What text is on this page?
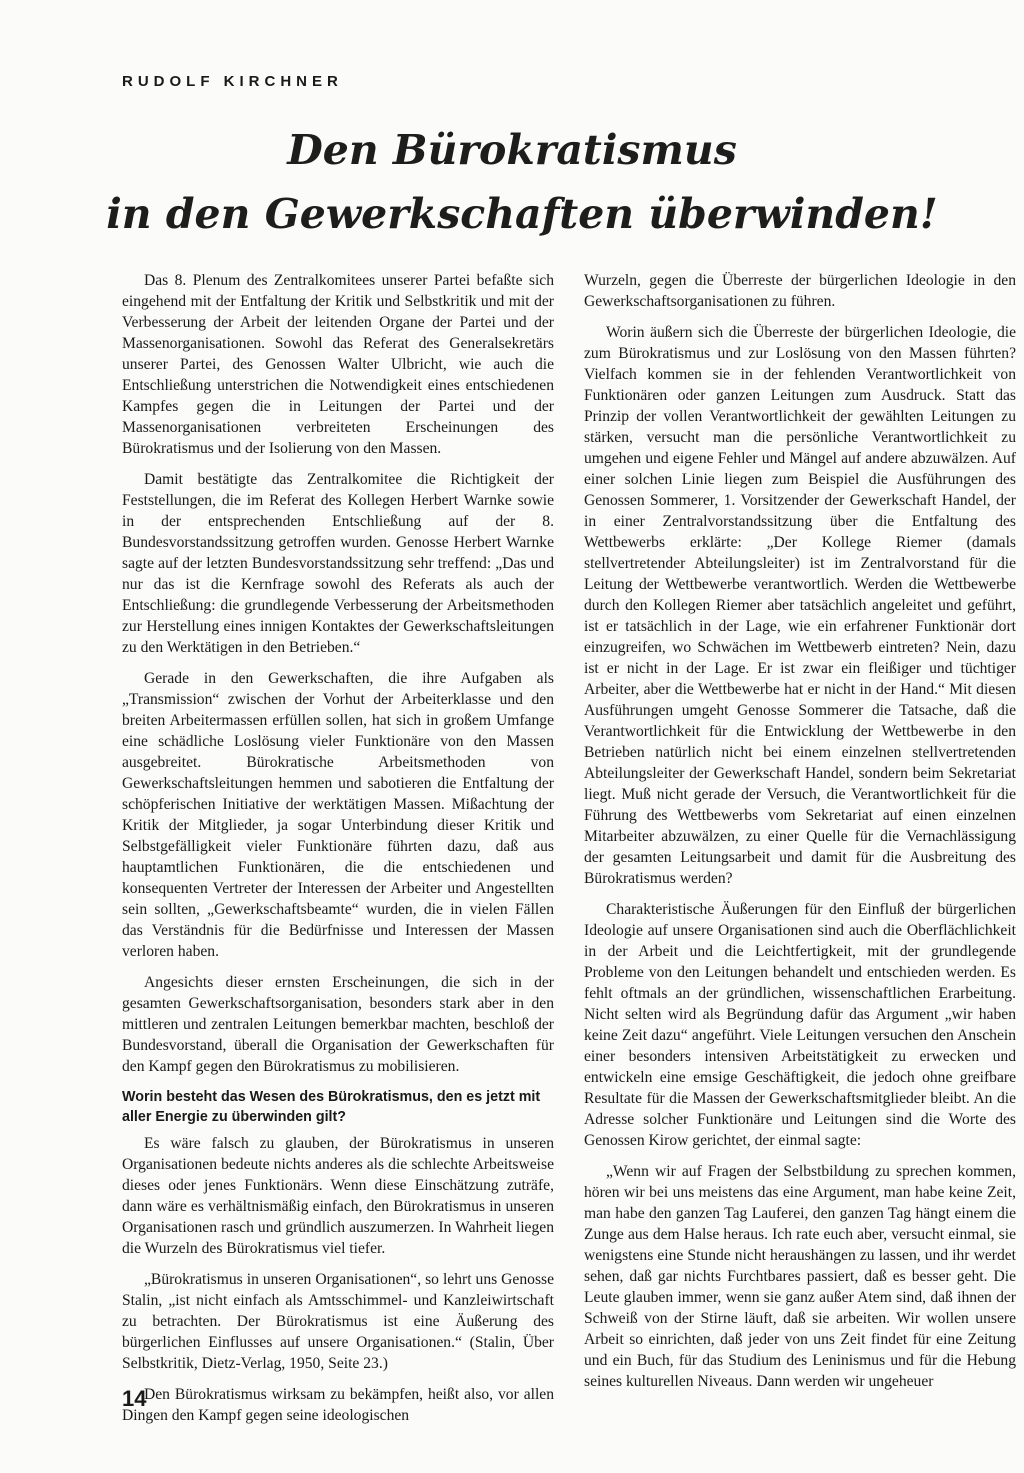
RUDOLF KIRCHNER
Den Bürokratismus
in den Gewerkschaften überwinden!

Das 8. Plenum des Zentralkomitees unserer Partei befaßte sich eingehend mit der Entfaltung der Kritik und Selbstkritik und mit der Verbesserung der Arbeit der leitenden Organe der Partei und der Massenorganisationen. Sowohl das Referat des Generalsekretärs unserer Partei, des Genossen Walter Ulbricht, wie auch die Entschließung unterstrichen die Notwendigkeit eines entschiedenen Kampfes gegen die in Leitungen der Partei und der Massenorganisationen verbreiteten Erscheinungen des Bürokratismus und der Isolierung von den Massen.

Damit bestätigte das Zentralkomitee die Richtigkeit der Feststellungen, die im Referat des Kollegen Herbert Warnke sowie in der entsprechenden Entschließung auf der 8. Bundesvorstandssitzung getroffen wurden. Genosse Herbert Warnke sagte auf der letzten Bundesvorstandssitzung sehr treffend: „Das und nur das ist die Kernfrage sowohl des Referats als auch der Entschließung: die grundlegende Verbesserung der Arbeitsmethoden zur Herstellung eines innigen Kontaktes der Gewerkschaftsleitungen zu den Werktätigen in den Betrieben.“

Gerade in den Gewerkschaften, die ihre Aufgaben als „Transmission“ zwischen der Vorhut der Arbeiterklasse und den breiten Arbeitermassen erfüllen sollen, hat sich in großem Umfange eine schädliche Loslösung vieler Funktionäre von den Massen ausgebreitet. Bürokratische Arbeitsmethoden von Gewerkschaftsleitungen hemmen und sabotieren die Entfaltung der schöpferischen Initiative der werktätigen Massen. Mißachtung der Kritik der Mitglieder, ja sogar Unterbindung dieser Kritik und Selbstgefälligkeit vieler Funktionäre führten dazu, daß aus hauptamtlichen Funktionären, die die entschiedenen und konsequenten Vertreter der Interessen der Arbeiter und Angestellten sein sollten, „Gewerkschaftsbeamte“ wurden, die in vielen Fällen das Verständnis für die Bedürfnisse und Interessen der Massen verloren haben.

Angesichts dieser ernsten Erscheinungen, die sich in der gesamten Gewerkschaftsorganisation, besonders stark aber in den mittleren und zentralen Leitungen bemerkbar machten, beschloß der Bundesvorstand, überall die Organisation der Gewerkschaften für den Kampf gegen den Bürokratismus zu mobilisieren.

Worin besteht das Wesen des Bürokratismus, den es jetzt mit aller Energie zu überwinden gilt?

Es wäre falsch zu glauben, der Bürokratismus in unseren Organisationen bedeute nichts anderes als die schlechte Arbeitsweise dieses oder jenes Funktionärs. Wenn diese Einschätzung zuträfe, dann wäre es verhältnismäßig einfach, den Bürokratismus in unseren Organisationen rasch und gründlich auszumerzen. In Wahrheit liegen die Wurzeln des Bürokratismus viel tiefer.

„Bürokratismus in unseren Organisationen“, so lehrt uns Genosse Stalin, „ist nicht einfach als Amtsschimmel- und Kanzleiwirtschaft zu betrachten. Der Bürokratismus ist eine Äußerung des bürgerlichen Einflusses auf unsere Organisationen.“ (Stalin, Über Selbstkritik, Dietz-Verlag, 1950, Seite 23.)

Den Bürokratismus wirksam zu bekämpfen, heißt also, vor allen Dingen den Kampf gegen seine ideologischen

Wurzeln, gegen die Überreste der bürgerlichen Ideologie in den Gewerkschaftsorganisationen zu führen.

Worin äußern sich die Überreste der bürgerlichen Ideologie, die zum Bürokratismus und zur Loslösung von den Massen führten? Vielfach kommen sie in der fehlenden Verantwortlichkeit von Funktionären oder ganzen Leitungen zum Ausdruck. Statt das Prinzip der vollen Verantwortlichkeit der gewählten Leitungen zu stärken, versucht man die persönliche Verantwortlichkeit zu umgehen und eigene Fehler und Mängel auf andere abzuwälzen. Auf einer solchen Linie liegen zum Beispiel die Ausführungen des Genossen Sommerer, 1. Vorsitzender der Gewerkschaft Handel, der in einer Zentralvorstandssitzung über die Entfaltung des Wettbewerbs erklärte: „Der Kollege Riemer (damals stellvertretender Abteilungsleiter) ist im Zentralvorstand für die Leitung der Wettbewerbe verantwortlich. Werden die Wettbewerbe durch den Kollegen Riemer aber tatsächlich angeleitet und geführt, ist er tatsächlich in der Lage, wie ein erfahrener Funktionär dort einzugreifen, wo Schwächen im Wettbewerb eintreten? Nein, dazu ist er nicht in der Lage. Er ist zwar ein fleißiger und tüchtiger Arbeiter, aber die Wettbewerbe hat er nicht in der Hand.“ Mit diesen Ausführungen umgeht Genosse Sommerer die Tatsache, daß die Verantwortlichkeit für die Entwicklung der Wettbewerbe in den Betrieben natürlich nicht bei einem einzelnen stellvertretenden Abteilungsleiter der Gewerkschaft Handel, sondern beim Sekretariat liegt. Muß nicht gerade der Versuch, die Verantwortlichkeit für die Führung des Wettbewerbs vom Sekretariat auf einen einzelnen Mitarbeiter abzuwälzen, zu einer Quelle für die Vernachlässigung der gesamten Leitungsarbeit und damit für die Ausbreitung des Bürokratismus werden?

Charakteristische Äußerungen für den Einfluß der bürgerlichen Ideologie auf unsere Organisationen sind auch die Oberflächlichkeit in der Arbeit und die Leichtfertigkeit, mit der grundlegende Probleme von den Leitungen behandelt und entschieden werden. Es fehlt oftmals an der gründlichen, wissenschaftlichen Erarbeitung. Nicht selten wird als Begründung dafür das Argument „wir haben keine Zeit dazu“ angeführt. Viele Leitungen versuchen den Anschein einer besonders intensiven Arbeitstätigkeit zu erwecken und entwickeln eine emsige Geschäftigkeit, die jedoch ohne greifbare Resultate für die Massen der Gewerkschaftsmitglieder bleibt. An die Adresse solcher Funktionäre und Leitungen sind die Worte des Genossen Kirow gerichtet, der einmal sagte:

„Wenn wir auf Fragen der Selbstbildung zu sprechen kommen, hören wir bei uns meistens das eine Argument, man habe keine Zeit, man habe den ganzen Tag Lauferei, den ganzen Tag hängt einem die Zunge aus dem Halse heraus. Ich rate euch aber, versucht einmal, sie wenigstens eine Stunde nicht heraushängen zu lassen, und ihr werdet sehen, daß gar nichts Furchtbares passiert, daß es besser geht. Die Leute glauben immer, wenn sie ganz außer Atem sind, daß ihnen der Schweiß von der Stirne läuft, daß sie arbeiten. Wir wollen unsere Arbeit so einrichten, daß jeder von uns Zeit findet für eine Zeitung und ein Buch, für das Studium des Leninismus und für die Hebung seines kulturellen Niveaus. Dann werden wir ungeheuer

14
